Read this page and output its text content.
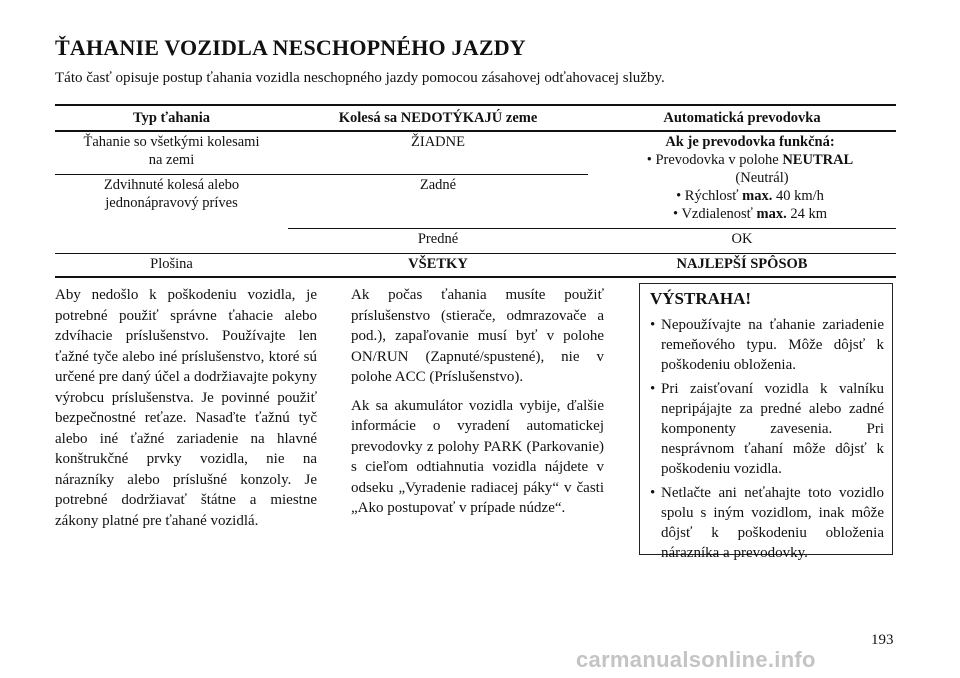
ŤAHANIE VOZIDLA NESCHOPNÉHO JAZDY
Táto časť opisuje postup ťahania vozidla neschopného jazdy pomocou zásahovej odťahovacej služby.
Typ ťahania	Kolesá sa NEDOTÝKAJÚ zeme	Automatická prevodovka
Ťahanie so všetkými kolesami na zemi	ŽIADNE	Ak je prevodovka funkčná:
• Prevodovka v polohe NEUTRAL
(Neutrál)
• Rýchlosť max. 40 km/h
• Vzdialenosť max. 24 km

Zdvihnuté kolesá alebo jednonápravový príves	Zadné	
	Predné	OK
Plošina	VŠETKY	NAJLEPŠÍ SPÔSOB
Aby nedošlo k poškodeniu vozidla, je potrebné použiť správne ťahacie alebo zdvíhacie príslušenstvo. Používajte len ťažné tyče alebo iné príslušenstvo, ktoré sú určené pre daný účel a dodržiavajte pokyny výrobcu príslušenstva. Je povinné použiť bezpečnostné reťaze. Nasaďte ťažnú tyč alebo iné ťažné zariadenie na hlavné konštrukčné prvky vozidla, nie na nárazníky alebo príslušné konzoly. Je potrebné dodržiavať štátne a miestne zákony platné pre ťahané vozidlá.

Ak počas ťahania musíte použiť príslušenstvo (stierače, odmrazovače a pod.), zapaľovanie musí byť v polohe ON/RUN (Zapnuté/spustené), nie v polohe ACC (Príslušenstvo).

Ak sa akumulátor vozidla vybije, ďalšie informácie o vyradení automatickej prevodovky z polohy PARK (Parkovanie) s cieľom odtiahnutia vozidla nájdete v odseku „Vyradenie radiacej páky“ v časti „Ako postupovať v prípade núdze“.

VÝSTRAHA!
• Nepoužívajte na ťahanie zariadenie remeňového typu. Môže dôjsť k poškodeniu obloženia.
• Pri zaisťovaní vozidla k valníku nepripájajte za predné alebo zadné komponenty zavesenia. Pri nesprávnom ťahaní môže dôjsť k poškodeniu vozidla.
• Netlačte ani neťahajte toto vozidlo spolu s iným vozidlom, inak môže dôjsť k poškodeniu obloženia nárazníka a prevodovky.
193
carmanualsonline.info
